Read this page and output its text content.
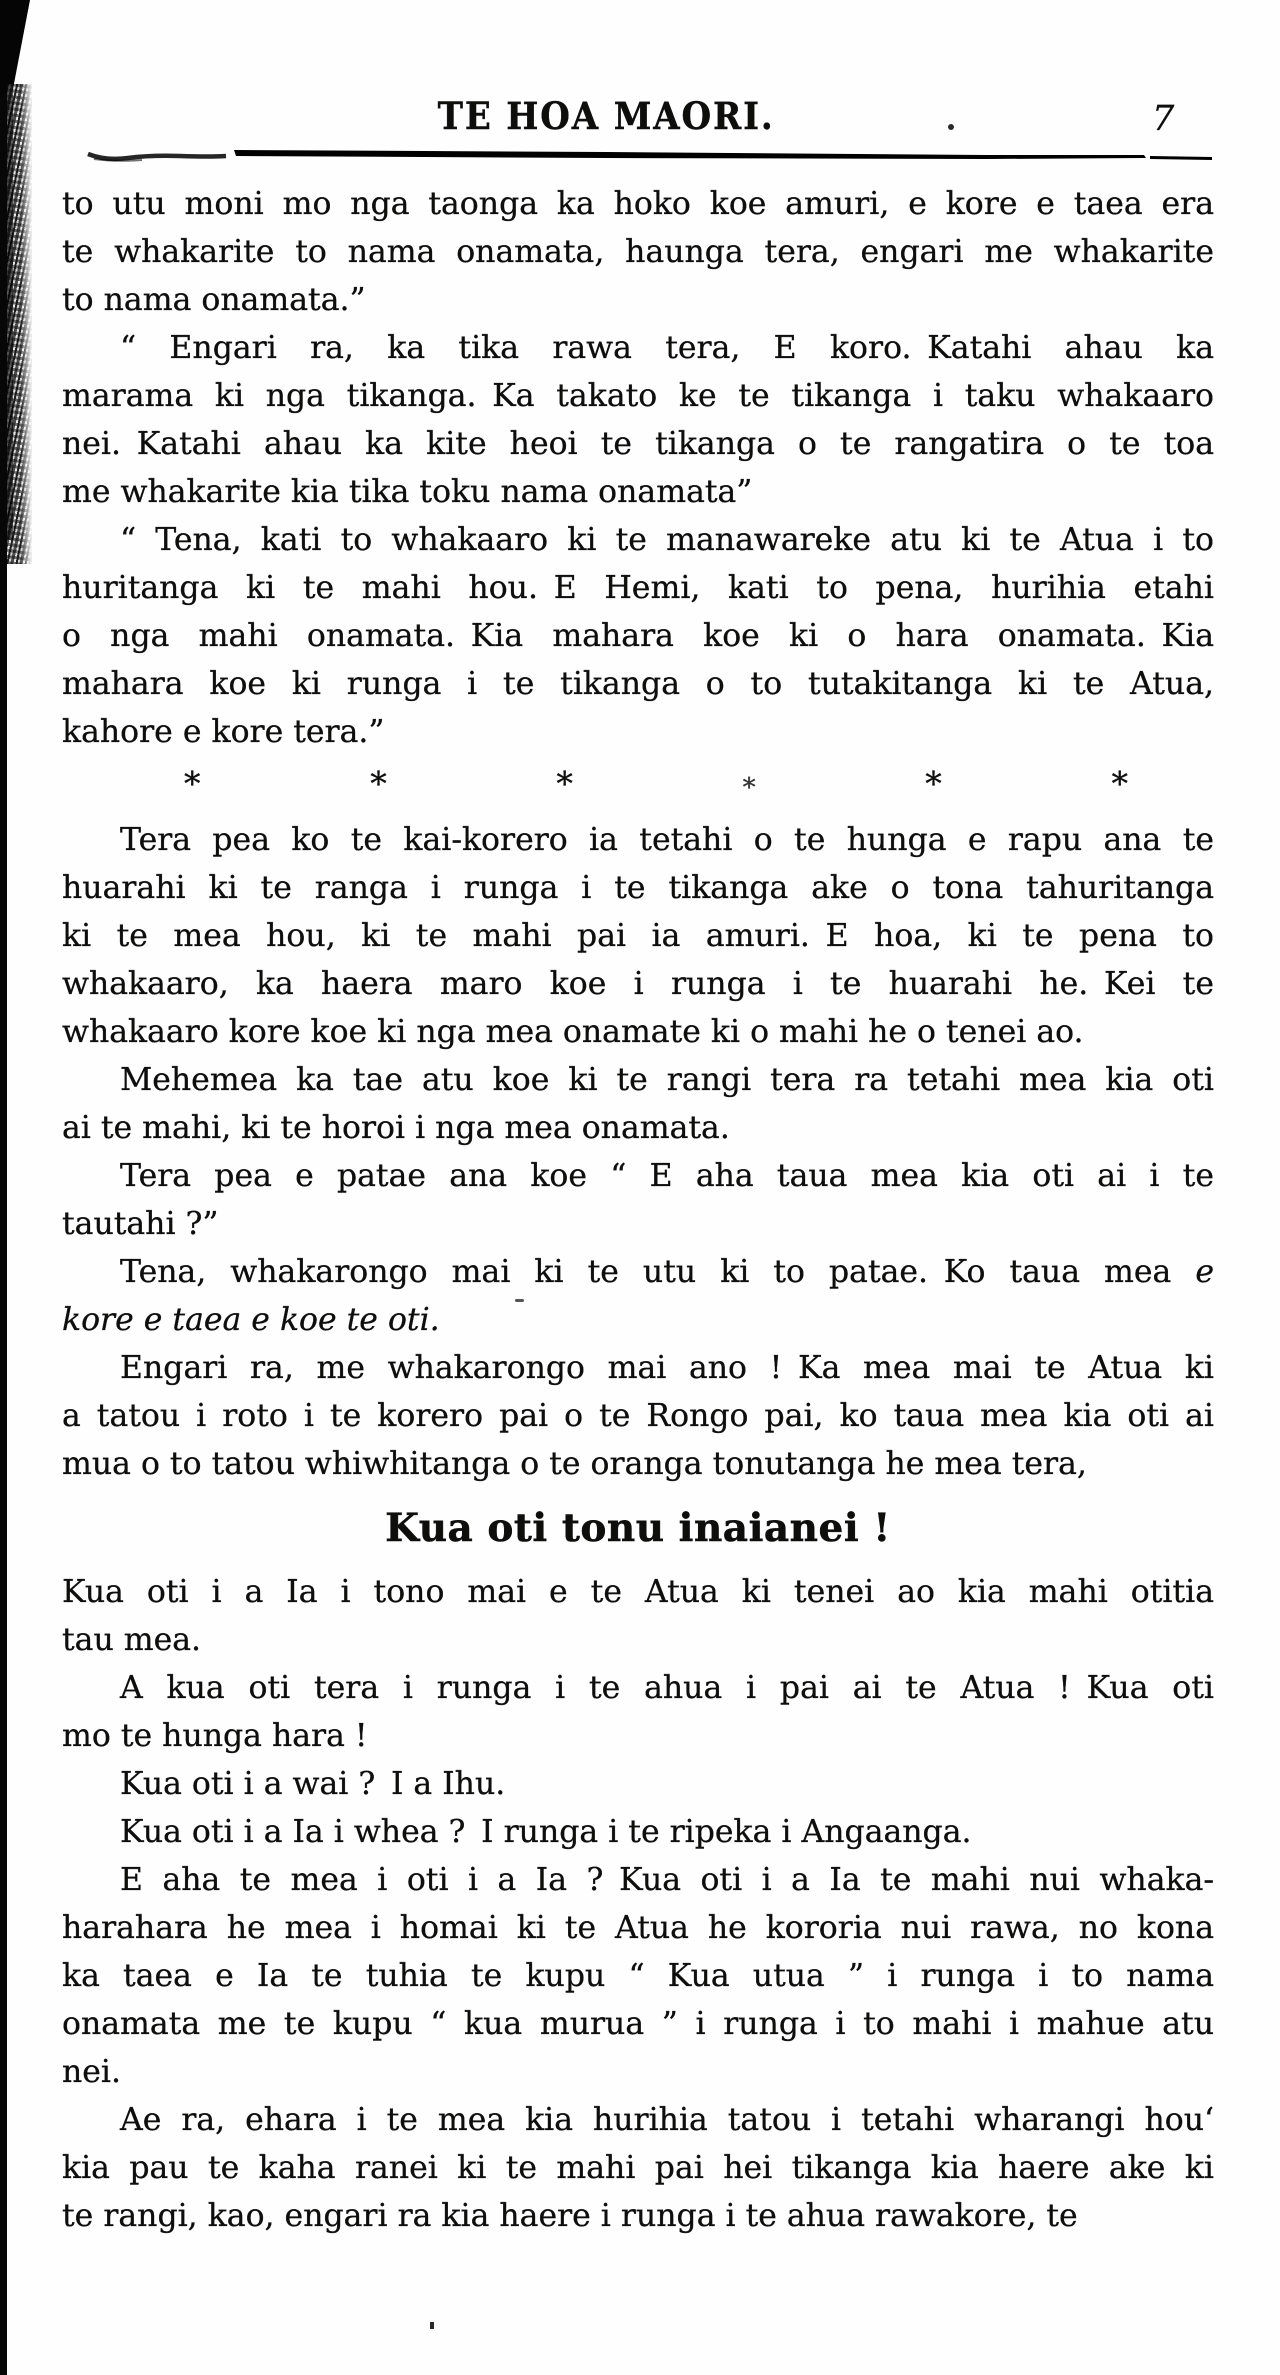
TE HOA MAORI.	7
to utu moni mo nga taonga ka hoko koe amuri, e kore e taea era
te whakarite to nama onamata, haunga tera, engari me whakarite
to nama onamata.”
“ Engari ra, ka tika rawa tera, E koro. Katahi ahau ka
marama ki nga tikanga. Ka takato ke te tikanga i taku whakaaro
nei. Katahi ahau ka kite heoi te tikanga o te rangatira o te toa
me whakarite kia tika toku nama onamata”
“ Tena, kati to whakaaro ki te manawareke atu ki te Atua i to
huritanga ki te mahi hou. E Hemi, kati to pena, hurihia etahi
o nga mahi onamata. Kia mahara koe ki o hara onamata. Kia
mahara koe ki runga i te tikanga o to tutakitanga ki te Atua,
kahore e kore tera.”
*	*	*	*	*	*
Tera pea ko te kai-korero ia tetahi o te hunga e rapu ana te
huarahi ki te ranga i runga i te tikanga ake o tona tahuritanga
ki te mea hou, ki te mahi pai ia amuri. E hoa, ki te pena to
whakaaro, ka haera maro koe i runga i te huarahi he. Kei te
whakaaro kore koe ki nga mea onamate ki o mahi he o tenei ao.
Mehemea ka tae atu koe ki te rangi tera ra tetahi mea kia oti
ai te mahi, ki te horoi i nga mea onamata.
Tera pea e patae ana koe “ E aha taua mea kia oti ai i te
tautahi ?”
Tena, whakarongo mai ki te utu ki to patae. Ko taua mea e
kore e taea e koe te oti.
Engari ra, me whakarongo mai ano ! Ka mea mai te Atua ki
a tatou i roto i te korero pai o te Rongo pai, ko taua mea kia oti ai
mua o to tatou whiwhitanga o te oranga tonutanga he mea tera,
Kua oti tonu inaianei !
Kua oti i a Ia i tono mai e te Atua ki tenei ao kia mahi otitia
tau mea.
A kua oti tera i runga i te ahua i pai ai te Atua ! Kua oti
mo te hunga hara !
Kua oti i a wai ? I a Ihu.
Kua oti i a Ia i whea ? I runga i te ripeka i Angaanga.
E aha te mea i oti i a Ia ? Kua oti i a Ia te mahi nui whaka-
harahara he mea i homai ki te Atua he kororia nui rawa, no kona
ka taea e Ia te tuhia te kupu “ Kua utua ” i runga i to nama
onamata me te kupu “ kua murua ” i runga i to mahi i mahue atu
nei.
Ae ra, ehara i te mea kia hurihia tatou i tetahi wharangi hou‘
kia pau te kaha ranei ki te mahi pai hei tikanga kia haere ake ki
te rangi, kao, engari ra kia haere i runga i te ahua rawakore, te
